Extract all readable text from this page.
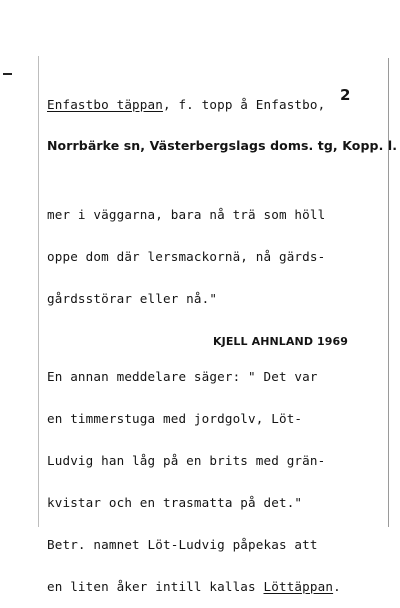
2
Enfastbo täppan, f. topp å Enfastbo,
Norrbärke sn, Västerbergslags doms. tg, Kopp. l.

mer i väggarna, bara nå trä som höll

oppe dom där lersmackornä, nå gärds-

gårdsstörar eller nå."

En annan meddelare säger: " Det var

en timmerstuga med jordgolv, Löt-

Ludvig han låg på en brits med grän-

kvistar och en trasmatta på det."

Betr. namnet Löt-Ludvig påpekas att

en liten åker intill kallas Löttäppan.

KJELL AHNLAND 1969
